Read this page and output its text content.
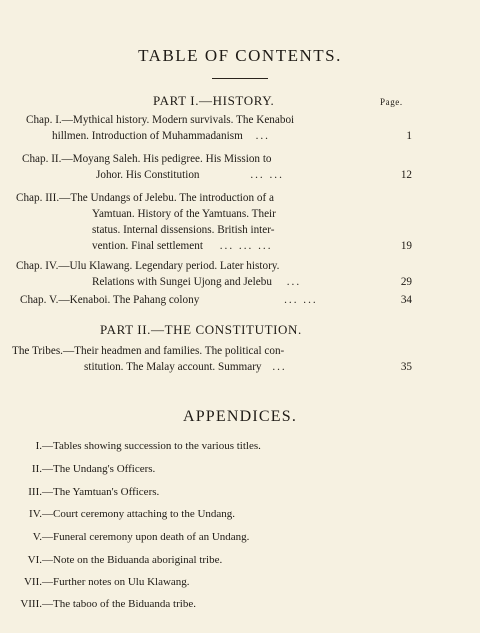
TABLE OF CONTENTS.
PART I.—HISTORY.	Page.
Chap. I.—Mythical history. Modern survivals. The Kenaboi
hillmen. Introduction of Muhammadanism ...	1
Chap. II.—Moyang Saleh. His pedigree. His Mission to
Johor. His Constitution	... ...	12
Chap. III.—The Undangs of Jelebu. The introduction of a
Yamtuan. History of the Yamtuans. Their
status. Internal dissensions. British inter-
vention. Final settlement ... ... ...	19
Chap. IV.—Ulu Klawang. Legendary period. Later history.
Relations with Sungei Ujong and Jelebu ...	29
Chap. V.—Kenaboi. The Pahang colony	... ...	34
PART II.—THE CONSTITUTION.
The Tribes.—Their headmen and families. The political con-
stitution. The Malay account. Summary ...	35
APPENDICES.
I.—Tables showing succession to the various titles.
II.—The Undang's Officers.
III.—The Yamtuan's Officers.
IV.—Court ceremony attaching to the Undang.
V.—Funeral ceremony upon death of an Undang.
VI.—Note on the Biduanda aboriginal tribe.
VII.—Further notes on Ulu Klawang.
VIII.—The taboo of the Biduanda tribe.
